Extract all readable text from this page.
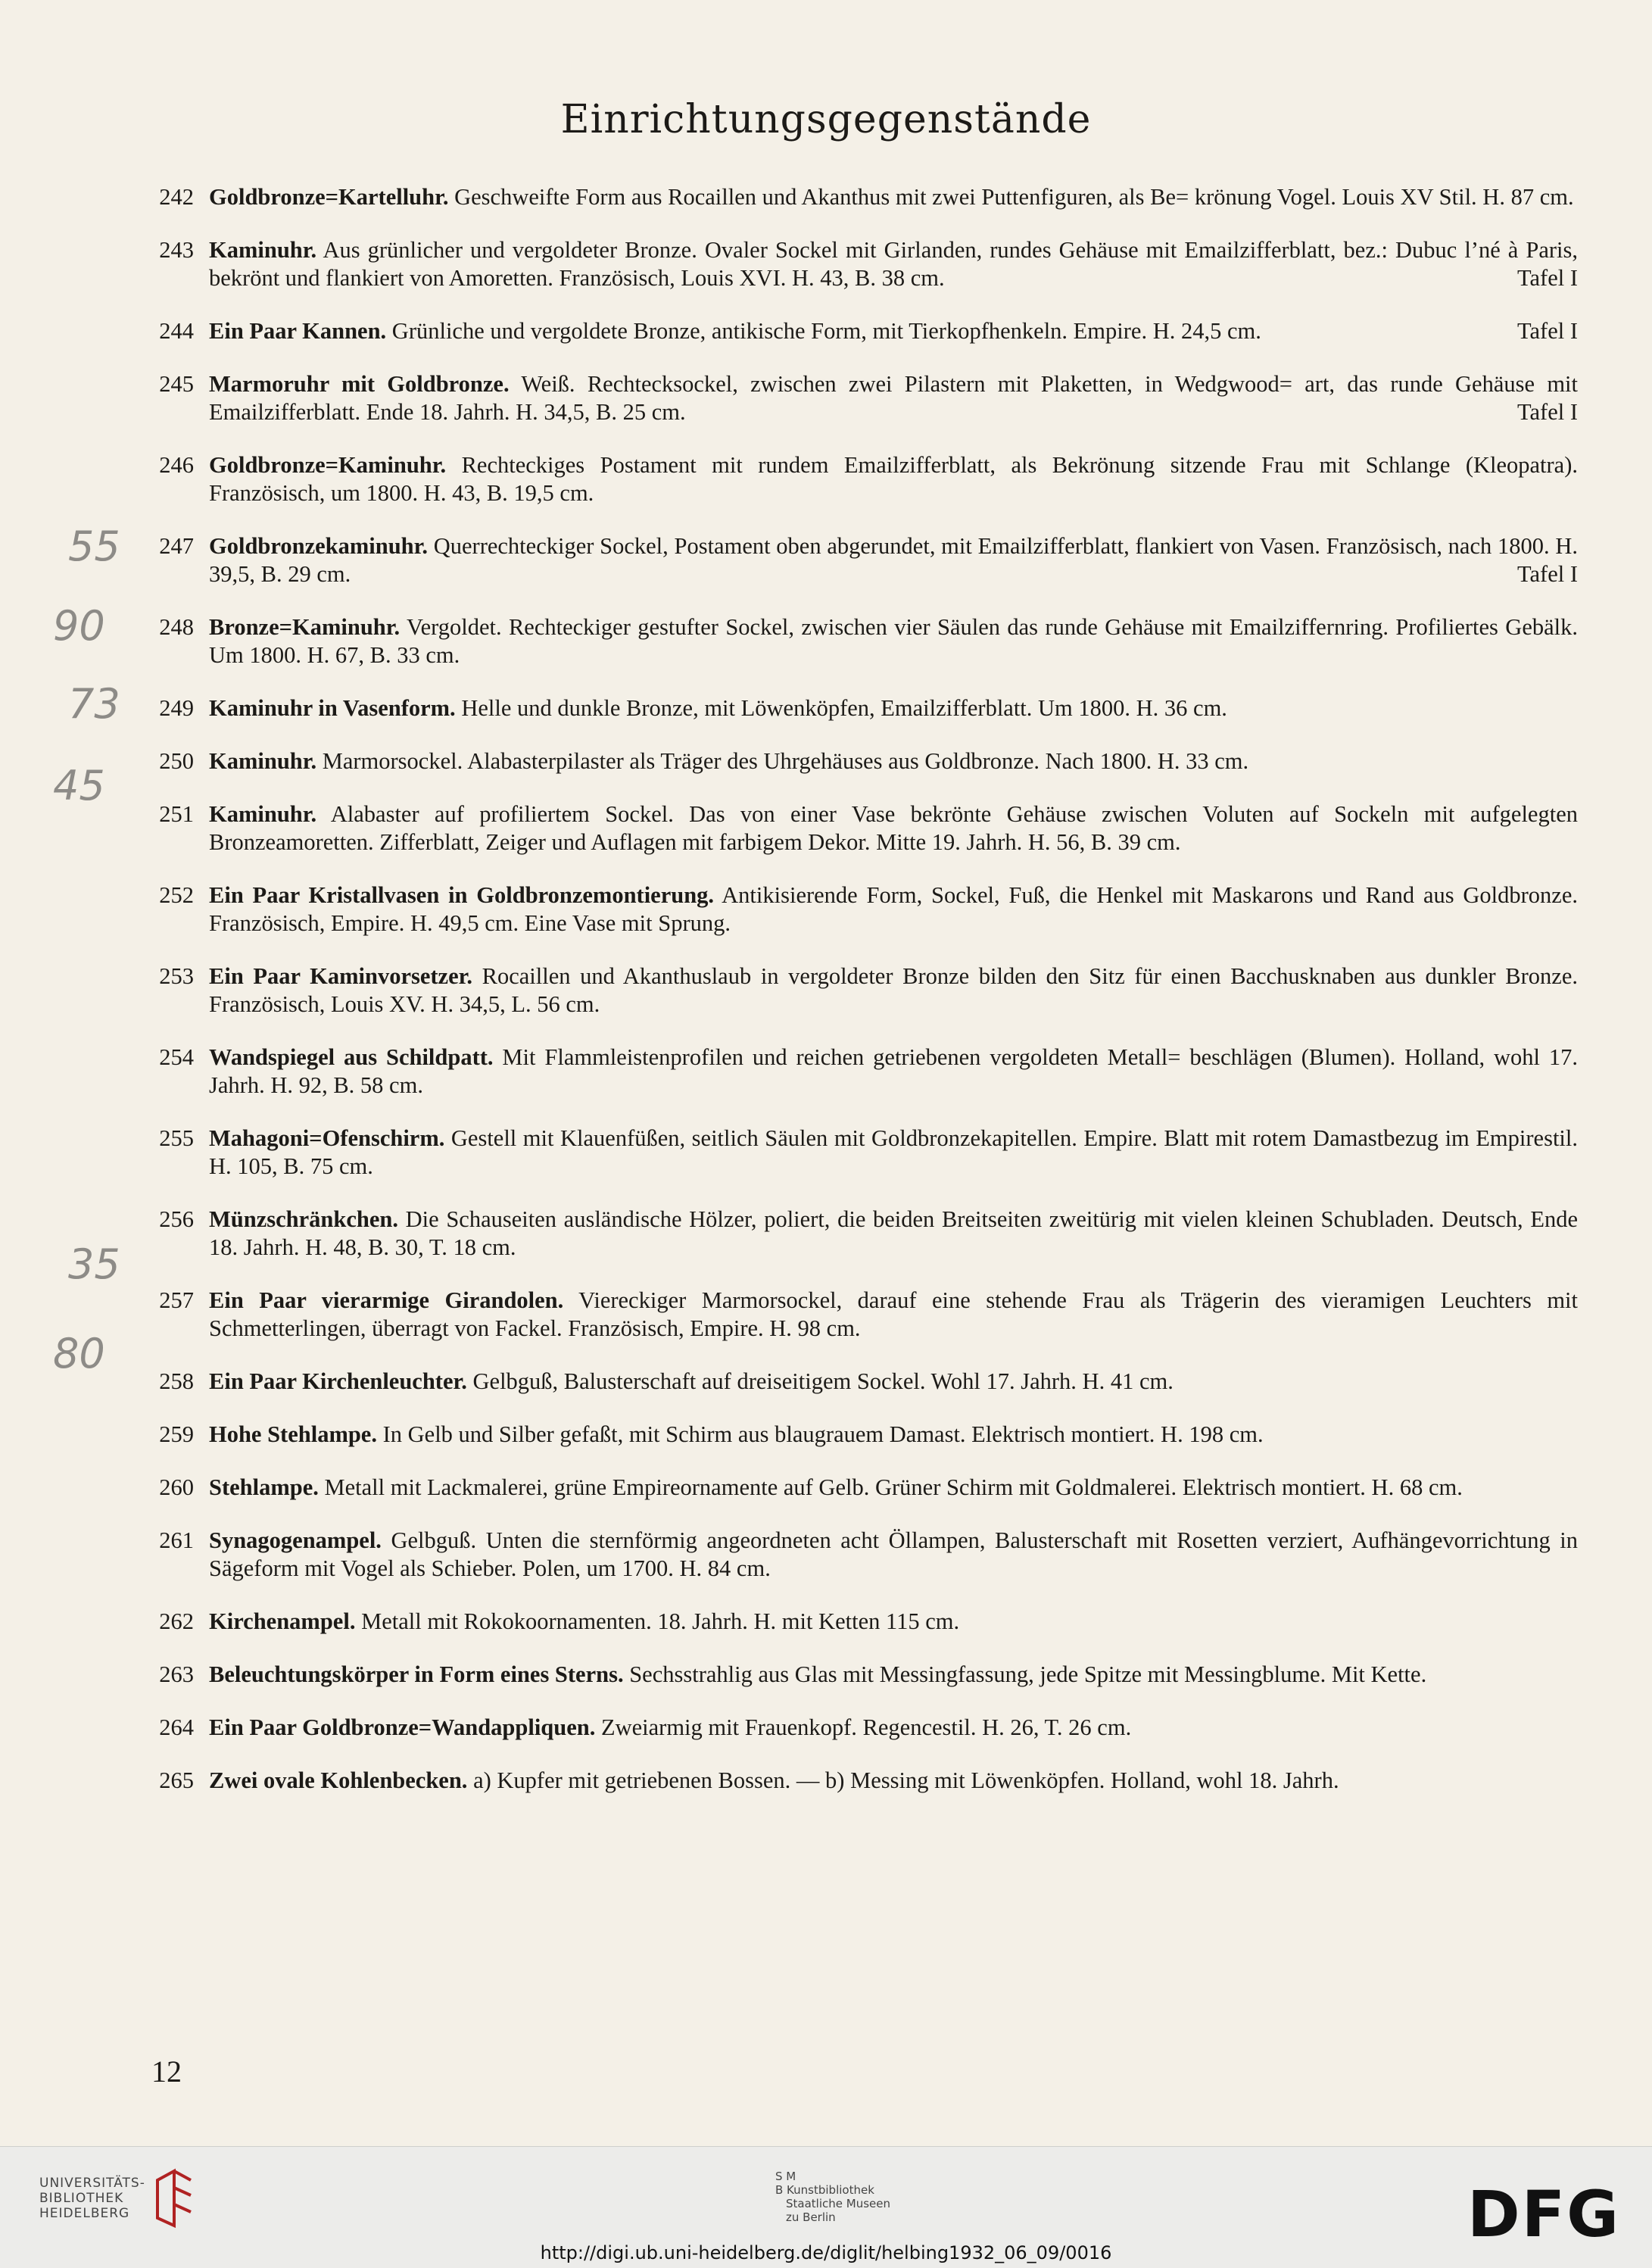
Einrichtungsgegenstände
242 Goldbronze=Kartelluhr. Geschweifte Form aus Rocaillen und Akanthus mit zwei Puttenfiguren, als Be= krönung Vogel. Louis XV Stil. H. 87 cm.
243 Kaminuhr. Aus grünlicher und vergoldeter Bronze. Ovaler Sockel mit Girlanden, rundes Gehäuse mit Emailzifferblatt, bez.: Dubuc l’né à Paris, bekrönt und flankiert von Amoretten. Französisch, Louis XVI. H. 43, B. 38 cm.	Tafel I
244 Ein Paar Kannen. Grünliche und vergoldete Bronze, antikische Form, mit Tierkopfhenkeln. Empire. H. 24,5 cm.	Tafel I
245 Marmoruhr mit Goldbronze. Weiß. Rechtecksockel, zwischen zwei Pilastern mit Plaketten, in Wedgwood= art, das runde Gehäuse mit Emailzifferblatt. Ende 18. Jahrh. H. 34,5, B. 25 cm.	Tafel I
246 Goldbronze=Kaminuhr. Rechteckiges Postament mit rundem Emailzifferblatt, als Bekrönung sitzende Frau mit Schlange (Kleopatra). Französisch, um 1800. H. 43, B. 19,5 cm.
247 Goldbronzekaminuhr. Querrechteckiger Sockel, Postament oben abgerundet, mit Emailzifferblatt, flankiert von Vasen. Französisch, nach 1800. H. 39,5, B. 29 cm.	Tafel I
248 Bronze=Kaminuhr. Vergoldet. Rechteckiger gestufter Sockel, zwischen vier Säulen das runde Gehäuse mit Emailziffernring. Profiliertes Gebälk. Um 1800. H. 67, B. 33 cm.
249 Kaminuhr in Vasenform. Helle und dunkle Bronze, mit Löwenköpfen, Emailzifferblatt. Um 1800. H. 36 cm.
250 Kaminuhr. Marmorsockel. Alabasterpilaster als Träger des Uhrgehäuses aus Goldbronze. Nach 1800. H. 33 cm.
251 Kaminuhr. Alabaster auf profiliertem Sockel. Das von einer Vase bekrönte Gehäuse zwischen Voluten auf Sockeln mit aufgelegten Bronzeamoretten. Zifferblatt, Zeiger und Auflagen mit farbigem Dekor. Mitte 19. Jahrh. H. 56, B. 39 cm.
252 Ein Paar Kristallvasen in Goldbronzemontierung. Antikisierende Form, Sockel, Fuß, die Henkel mit Maskarons und Rand aus Goldbronze. Französisch, Empire. H. 49,5 cm. Eine Vase mit Sprung.
253 Ein Paar Kaminvorsetzer. Rocaillen und Akanthuslaub in vergoldeter Bronze bilden den Sitz für einen Bacchusknaben aus dunkler Bronze. Französisch, Louis XV. H. 34,5, L. 56 cm.
254 Wandspiegel aus Schildpatt. Mit Flammleistenprofilen und reichen getriebenen vergoldeten Metall= beschlägen (Blumen). Holland, wohl 17. Jahrh. H. 92, B. 58 cm.
255 Mahagoni=Ofenschirm. Gestell mit Klauenfüßen, seitlich Säulen mit Goldbronzekapitellen. Empire. Blatt mit rotem Damastbezug im Empirestil. H. 105, B. 75 cm.
256 Münzschränkchen. Die Schauseiten ausländische Hölzer, poliert, die beiden Breitseiten zweitürig mit vielen kleinen Schubladen. Deutsch, Ende 18. Jahrh. H. 48, B. 30, T. 18 cm.
257 Ein Paar vierarmige Girandolen. Viereckiger Marmorsockel, darauf eine stehende Frau als Trägerin des vieramigen Leuchters mit Schmetterlingen, überragt von Fackel. Französisch, Empire. H. 98 cm.
258 Ein Paar Kirchenleuchter. Gelbguß, Balusterschaft auf dreiseitigem Sockel. Wohl 17. Jahrh. H. 41 cm.
259 Hohe Stehlampe. In Gelb und Silber gefaßt, mit Schirm aus blaugrauem Damast. Elektrisch montiert. H. 198 cm.
260 Stehlampe. Metall mit Lackmalerei, grüne Empireornamente auf Gelb. Grüner Schirm mit Goldmalerei. Elektrisch montiert. H. 68 cm.
261 Synagogenampel. Gelbguß. Unten die sternförmig angeordneten acht Öllampen, Balusterschaft mit Rosetten verziert, Aufhängevorrichtung in Sägeform mit Vogel als Schieber. Polen, um 1700. H. 84 cm.
262 Kirchenampel. Metall mit Rokokoornamenten. 18. Jahrh. H. mit Ketten 115 cm.
263 Beleuchtungskörper in Form eines Sterns. Sechsstrahlig aus Glas mit Messingfassung, jede Spitze mit Messingblume. Mit Kette.
264 Ein Paar Goldbronze=Wandappliquen. Zweiarmig mit Frauenkopf. Regencestil. H. 26, T. 26 cm.
265 Zwei ovale Kohlenbecken. a) Kupfer mit getriebenen Bossen. — b) Messing mit Löwenköpfen. Holland, wohl 18. Jahrh.
55
90
73
45
35
80
12
UNIVERSITÄTS-
BIBLIOTHEK
HEIDELBERG
S M
B Kunstbibliothek
Staatliche Museen
zu Berlin	DFG
http://digi.ub.uni-heidelberg.de/diglit/helbing1932_06_09/0016
